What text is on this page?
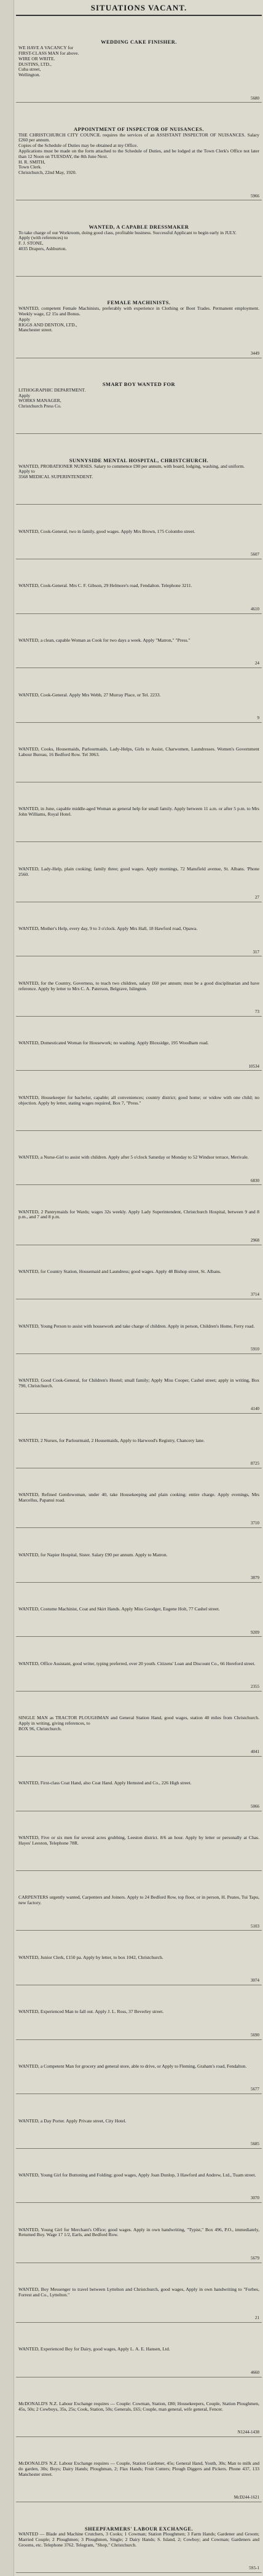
SITUATIONS VACANT.
WEDDING CAKE FINISHER.
WE HAVE A VACANCY for
FIRST-CLASS MAN for above.
WIRE OR WRITE.
DUSTINS, LTD.,
Cuba street,
Wellington.
5680
APPOINTMENT OF INSPECTOR OF NUISANCES.
THE CHRISTCHURCH CITY COUNCIL requires the services of an ASSISTANT INSPECTOR OF NUISANCES. Salary £260 per annum.
Copies of the Schedule of Duties may be obtained at my Office.
Applications must be made on the form attached to the Schedule of Duties, and be lodged at the Town Clerk's Office not later than 12 Noon on TUESDAY, the 8th June Next.
H. R. SMITH,
Town Clerk.
Christchurch, 22nd May, 1920.
5966
WANTED, A CAPABLE DRESSMAKER
To take charge of our Workroom, doing good class, profitable business. Successful Applicant to begin early in JULY.
Apply (with references) to
F. J. STONE,
4035 Drapers, Ashburton.
FEMALE MACHINISTS.
WANTED, competent Female Machinists, preferably with experience in Clothing or Boot Trades. Permanent employment. Weekly wage, £2 15s and Bonus.
Apply
RIGGS AND DENTON, LTD.,
Manchester street.
3449
SMART BOY WANTED FOR
LITHOGRAPHIC DEPARTMENT.
Apply
WORKS MANAGER,
Christchurch Press Co.
SUNNYSIDE MENTAL HOSPITAL, CHRISTCHURCH.
WANTED, PROBATIONER NURSES. Salary to commence £90 per annum, with board, lodging, washing, and uniform.
Apply to
3568 MEDICAL SUPERINTENDENT.
WANTED, Cook-General, two in family, good wages. Apply Mrs Brown, 175 Colombo street.
5607
WANTED, Cook-General. Mrs C. F. Gibson, 29 Helmore's road, Fendalton. Telephone 3211.
4610
WANTED, a clean, capable Woman as Cook for two days a week. Apply "Matron," "Press."
24
WANTED, Cook-General. Apply Mrs Webb, 27 Murray Place, or Tel. 2233.
9
WANTED, Cooks, Housemaids, Parlourmaids, Lady-Helps, Girls to Assist, Charwomen, Laundresses. Women's Government Labour Bureau, 16 Bedford Row. Tel 3063.
WANTED, in June, capable middle-aged Woman as general help for small family. Apply between 11 a.m. or after 5 p.m. to Mrs John Williams, Royal Hotel.
WANTED, Lady-Help, plain cooking; family three; good wages. Apply mornings, 72 Mansfield avenue, St. Albans. 'Phone 2560.
27
WANTED, Mother's Help, every day, 9 to 3 o'clock. Apply Mrs Hall, 18 Hawford road, Opawa.
317
WANTED, for the Country, Governess, to teach two children, salary £60 per annum; must be a good disciplinarian and have reference. Apply by letter to Mrs C. A. Paterson, Belgrave, Islington.
73
WANTED, Domesticated Woman for Housework; no washing. Apply Bloxsidge, 195 Woodham road.
10534
WANTED, Housekeeper for bachelor, capable; all conveniences; country district; good home; or widow with one child; no objection. Apply by letter, stating wages required, Box 7, "Press."
WANTED, a Nurse-Girl to assist with children. Apply after 5 o'clock Saturday or Monday to 52 Windsor terrace, Merivale.
6830
WANTED, 2 Pantrymaids for Wards; wages 32s weekly. Apply Lady Superintendent, Christchurch Hospital, between 9 and 8 p.m., and 7 and 8 p.m.
2968
WANTED, for Country Station, Housemaid and Laundress; good wages. Apply 48 Bishop street, St. Albans.
3714
WANTED, Young Person to assist with housework and take charge of children. Apply in person, Children's Home, Ferry road.
5910
WANTED, Good Cook-General, for Children's Hostel; small family; Apply Miss Cooper, Cashel street; apply in writing, Box 790, Christchurch.
4140
WANTED, 2 Nurses, for Parlourmaid, 2 Housemaids, Apply to Harwood's Registry, Chancery lane.
8725
WANTED, Refined Gentlewoman, under 40, take Housekeeping and plain cooking; entire charge. Apply evenings, Mrs Marcellus, Papanui road.
3710
WANTED, for Napier Hospital, Sister. Salary £90 per annum. Apply to Matron.
3879
WANTED, Costume Machinist, Coat and Skirt Hands. Apply Miss Goodger, Eugene Holt, 77 Cashel street.
9209
WANTED, Office Assistant, good writer, typing preferred, over 20 youth. Citizens' Loan and Discount Co., 66 Hereford street.
2355
SINGLE MAN as TRACTOR PLOUGHMAN and General Station Hand, good wages, station 40 miles from Christchurch. Apply in writing, giving references, to
BOX 96, Christchurch.
4041
WANTED, First-class Coat Hand, also Coat Hand. Apply Hemsted and Co., 226 High street.
5066
WANTED, Five or six men for several acres grubbing, Leeston district. 8/6 an hour. Apply by letter or personally at Chas. Hayes' Leeston, Telephone 78R.
CARPENTERS urgently wanted, Carpenters and Joiners. Apply to 24 Bedford Row, top floor, or in person, H. Peates, Tui Tapu, new factory.
5103
WANTED, Junior Clerk, £150 pa. Apply by letter, to box 1042, Christchurch.
3074
WANTED, Experienced Man to fall out. Apply J. L. Ross, 37 Beverley street.
5690
WANTED, a Competent Man for grocery and general store, able to drive, or Apply to Fleming, Graham's road, Fendalton.
5677
WANTED, a Day Porter. Apply Private street, City Hotel.
5685
WANTED, Young Girl for Buttoning and Folding; good wages, Apply Joan Dunlop, 3 Hawford and Andrew, Ltd., Tuam street.
3070
WANTED, Young Girl for Merchant's Office; good wages. Apply in own handwriting, "Typist," Box 496, P.O., immediately, Returned Boy. Wage 17 1/2, Earls, and Bedford Row.
5679
WANTED, Boy Messenger to travel between Lyttelton and Christchurch, good wages, Apply in own handwriting to "Forbes, Forrest and Co., Lyttelton."
21
WANTED, Experienced Boy for Dairy, good wages, Apply L. A. E. Hansen, Ltd.
4660
McDONALD'S N.Z. Labour Exchange requires — Couple: Cowman, Station, £80; Housekeepers, Couple, Station Ploughmen, 45s, 50s; 2 Cowboys, 35s, 25s; Cook, Station, 50s; Generals, £65; Couple, man general, wife general, Fencer.
N1244-1438
McDONALD'S N.Z. Labour Exchange requires — Couple, Station Gardener, 45s; General Hand, Youth, 30s; Man to milk and do garden, 30s; Boys; Dairy Hands; Ploughman, 2; Flax Hands; Fruit Cutters; Plough Diggers and Pickers. Phone 437, 133 Manchester street.
McD244-1621
SHEEPFARMERS' LABOUR EXCHANGE.
WANTED — Blade and Machine Crutchers, 3 Cooks; 1 Cowman; Station Ploughmen; 3 Farm Hands; Gardener and Groom; Married Couple; 2 Ploughmen; 3 Ploughmen, Single; 2 Dairy Hands; S. Island, 2; Cowboy; and Cowman; Gardeners and Grooms, etc. Telephone 3762. Telegram, "Shop," Christchurch.
5S5-1
